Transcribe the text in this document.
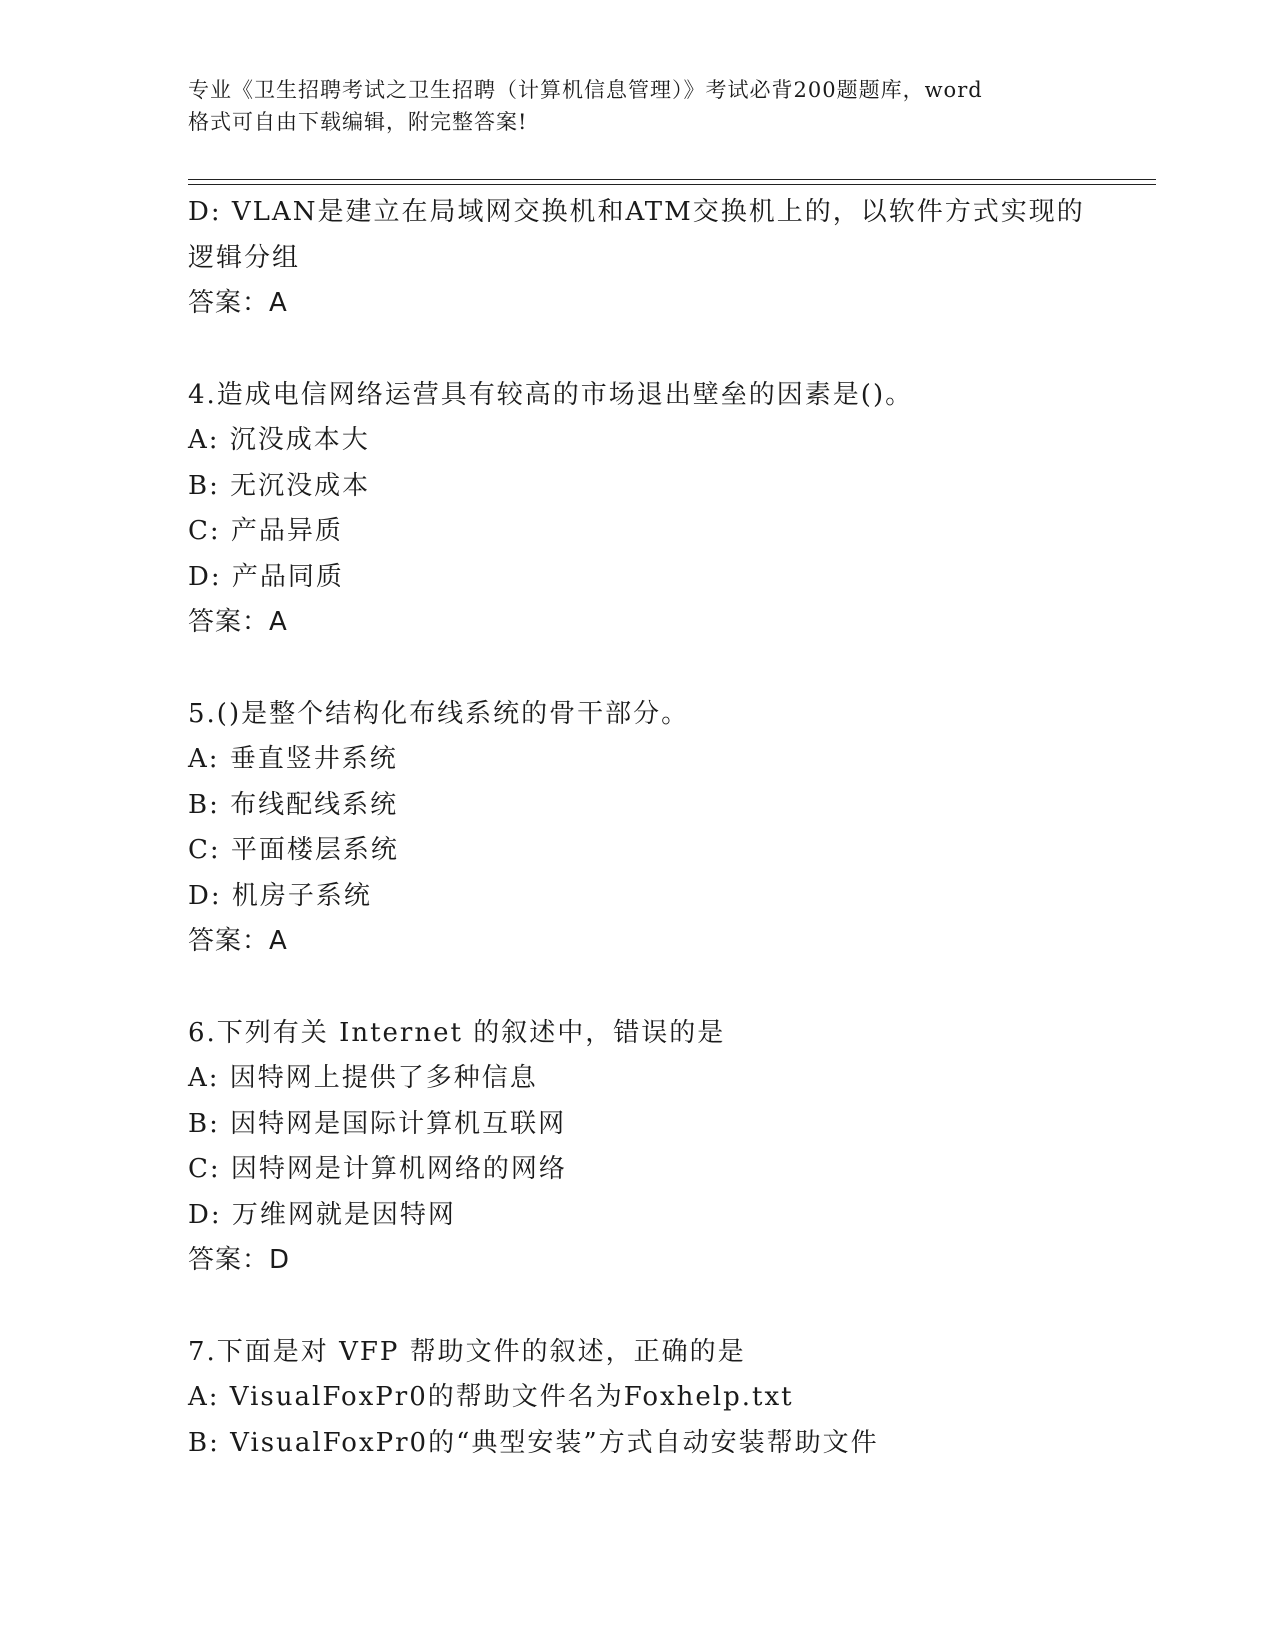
专业《卫生招聘考试之卫生招聘（计算机信息管理）》考试必背200题题库，word
格式可自由下载编辑，附完整答案!
D: VLAN是建立在局域网交换机和ATM交换机上的，以软件方式实现的
逻辑分组
答案：A
4.造成电信网络运营具有较高的市场退出壁垒的因素是()。
A: 沉没成本大
B: 无沉没成本
C: 产品异质
D: 产品同质
答案：A
5.()是整个结构化布线系统的骨干部分。
A: 垂直竖井系统
B: 布线配线系统
C: 平面楼层系统
D: 机房子系统
答案：A
6.下列有关 Internet 的叙述中，错误的是
A: 因特网上提供了多种信息
B: 因特网是国际计算机互联网
C: 因特网是计算机网络的网络
D: 万维网就是因特网
答案：D
7.下面是对 VFP 帮助文件的叙述，正确的是
A: VisualFoxPr0的帮助文件名为Foxhelp.txt
B: VisualFoxPr0的“典型安装”方式自动安装帮助文件
